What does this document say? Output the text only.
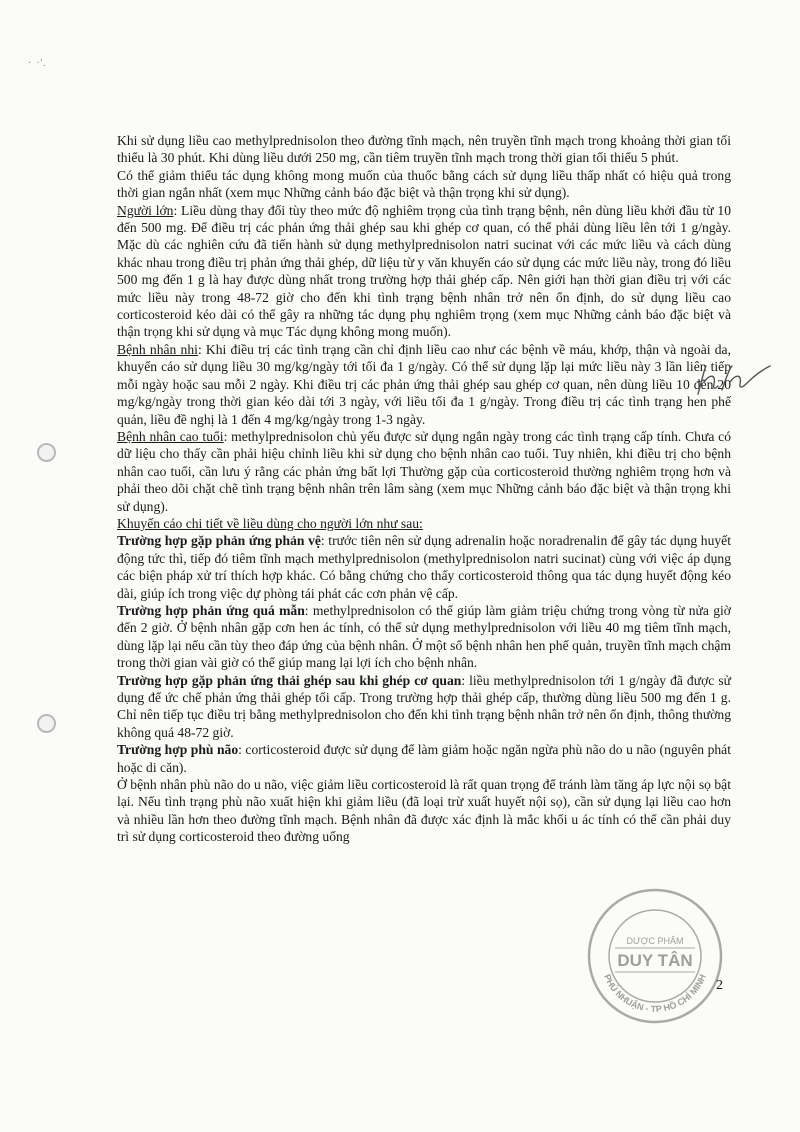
·  ·’.

Khi sử dụng liều cao methylprednisolon theo đường tĩnh mạch, nên truyền tĩnh mạch trong khoảng thời gian tối thiểu là 30 phút. Khi dùng liều dưới 250 mg, cần tiêm truyền tĩnh mạch trong thời gian tối thiểu 5 phút.

Có thể giảm thiểu tác dụng không mong muốn của thuốc bằng cách sử dụng liều thấp nhất có hiệu quả trong thời gian ngắn nhất (xem mục Những cảnh báo đặc biệt và thận trọng khi sử dụng).

Người lớn: Liều dùng thay đổi tùy theo mức độ nghiêm trọng của tình trạng bệnh, nên dùng liều khởi đầu từ 10 đến 500 mg. Để điều trị các phản ứng thải ghép sau khi ghép cơ quan, có thể phải dùng liều lên tới 1 g/ngày. Mặc dù các nghiên cứu đã tiến hành sử dụng methylprednisolon natri sucinat với các mức liều và cách dùng khác nhau trong điều trị phản ứng thải ghép, dữ liệu từ y văn khuyến cáo sử dụng các mức liều này, trong đó liều 500 mg đến 1 g là hay được dùng nhất trong trường hợp thải ghép cấp. Nên giới hạn thời gian điều trị với các mức liều này trong 48-72 giờ cho đến khi tình trạng bệnh nhân trở nên ổn định, do sử dụng liều cao corticosteroid kéo dài có thể gây ra những tác dụng phụ nghiêm trọng (xem mục Những cảnh báo đặc biệt và thận trọng khi sử dụng và mục Tác dụng không mong muốn).

Bệnh nhân nhi: Khi điều trị các tình trạng cần chỉ định liều cao như các bệnh về máu, khớp, thận và ngoài da, khuyến cáo sử dụng liều 30 mg/kg/ngày tới tối đa 1 g/ngày. Có thể sử dụng lặp lại mức liều này 3 lần liên tiếp mỗi ngày hoặc sau mỗi 2 ngày. Khi điều trị các phản ứng thải ghép sau ghép cơ quan, nên dùng liều 10 đến 20 mg/kg/ngày trong thời gian kéo dài tới 3 ngày, với liều tối đa 1 g/ngày. Trong điều trị các tình trạng hen phế quản, liều đề nghị là 1 đến 4 mg/kg/ngày trong 1-3 ngày.

Bệnh nhân cao tuổi: methylprednisolon chủ yếu được sử dụng ngắn ngày trong các tình trạng cấp tính. Chưa có dữ liệu cho thấy cần phải hiệu chỉnh liều khi sử dụng cho bệnh nhân cao tuổi. Tuy nhiên, khi điều trị cho bệnh nhân cao tuổi, cần lưu ý rằng các phản ứng bất lợi Thường gặp của corticosteroid thường nghiêm trọng hơn và phải theo dõi chặt chẽ tình trạng bệnh nhân trên lâm sàng (xem mục Những cảnh báo đặc biệt và thận trọng khi sử dụng).

Khuyến cáo chi tiết về liều dùng cho người lớn như sau:

Trường hợp gặp phản ứng phản vệ: trước tiên nên sử dụng adrenalin hoặc noradrenalin để gây tác dụng huyết động tức thì, tiếp đó tiêm tĩnh mạch methylprednisolon (methylprednisolon natri sucinat) cùng với việc áp dụng các biện pháp xử trí thích hợp khác. Có bằng chứng cho thấy corticosteroid thông qua tác dụng huyết động kéo dài, giúp ích trong việc dự phòng tái phát các cơn phản vệ cấp.

Trường hợp phản ứng quá mẫn: methylprednisolon có thể giúp làm giảm triệu chứng trong vòng từ nửa giờ đến 2 giờ. Ở bệnh nhân gặp cơn hen ác tính, có thể sử dụng methylprednisolon với liều 40 mg tiêm tĩnh mạch, dùng lặp lại nếu cần tùy theo đáp ứng của bệnh nhân. Ở một số bệnh nhân hen phế quản, truyền tĩnh mạch chậm trong thời gian vài giờ có thể giúp mang lại lợi ích cho bệnh nhân.

Trường hợp gặp phản ứng thải ghép sau khi ghép cơ quan: liều methylprednisolon tới 1 g/ngày đã được sử dụng để ức chế phản ứng thải ghép tối cấp. Trong trường hợp thải ghép cấp, thường dùng liều 500 mg đến 1 g. Chỉ nên tiếp tục điều trị bằng methylprednisolon cho đến khi tình trạng bệnh nhân trở nên ổn định, thông thường không quá 48-72 giờ.

Trường hợp phù não: corticosteroid được sử dụng để làm giảm hoặc ngăn ngừa phù não do u não (nguyên phát hoặc di căn).

Ở bệnh nhân phù não do u não, việc giảm liều corticosteroid là rất quan trọng để tránh làm tăng áp lực nội sọ bật lại. Nếu tình trạng phù não xuất hiện khi giảm liều (đã loại trừ xuất huyết nội sọ), cần sử dụng lại liều cao hơn và nhiều lần hơn theo đường tĩnh mạch. Bệnh nhân đã được xác định là mắc khối u ác tính có thể cần phải duy trì sử dụng corticosteroid theo đường uống

PHÚ NHUẬN - TP HỒ CHÍ MINH
DƯỢC PHẨM
DUY TÂN
2
